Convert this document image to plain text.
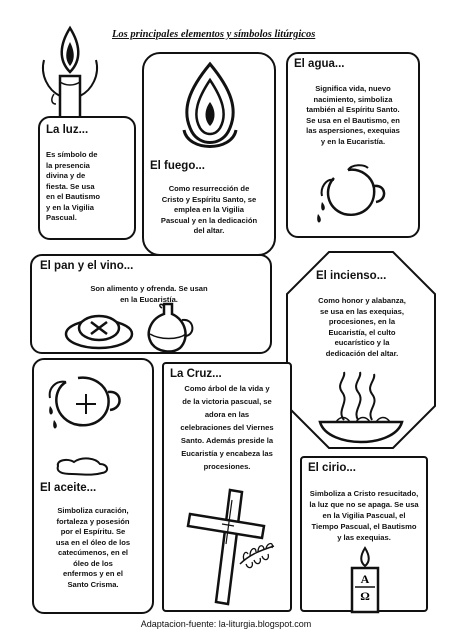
Los principales elementos y símbolos litúrgicos
La luz...
Es símbolo de
la presencia
divina y de
fiesta. Se usa
en el Bautismo
y en la Vigilia
Pascual.
El fuego...
Como resurrección de
Cristo y Espíritu Santo, se
emplea en la Vigilia
Pascual y en la dedicación
del altar.
El agua...
Significa vida, nuevo
nacimiento, simboliza
también al Espíritu Santo.
Se usa en el Bautismo, en
las aspersiones, exequias
y en la Eucaristía.
El pan y el vino...
Son alimento y ofrenda. Se usan
en la Eucaristía.
El incienso...
Como honor y alabanza,
se usa en las exequias,
procesiones, en la
Eucaristía, el culto
eucarístico y la
dedicación del altar.
El aceite...
Simboliza curación,
fortaleza y posesión
por el Espíritu. Se
usa en el óleo de los
catecúmenos, en el
óleo de los
enfermos y en el
Santo Crisma.
La Cruz...
Como árbol de la vida y
de la victoria pascual, se
adora en las
celebraciones del Viernes
Santo. Además preside la
Eucaristía y encabeza las
procesiones.	El cirio...
Simboliza a Cristo resucitado,
la luz que no se apaga. Se usa
en la Vigilia Pascual, el
Tiempo Pascual, el Bautismo
y las exequias.
A
Ω
Adaptacion-fuente: la-liturgia.blogspot.com
